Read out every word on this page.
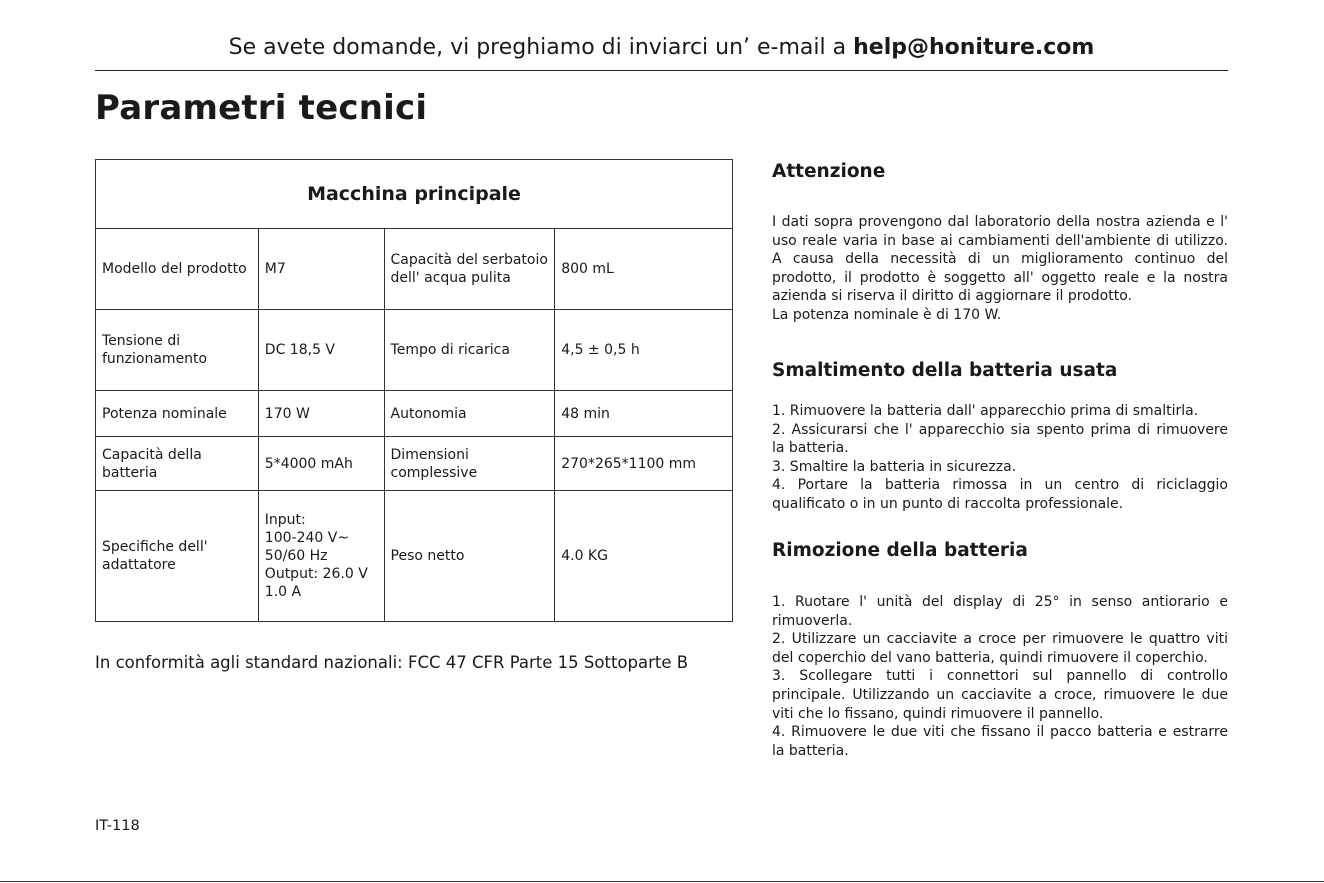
Se avete domande, vi preghiamo di inviarci un’ e-mail a help@honiture.com
Parametri tecnici
Macchina principale			
Modello del prodotto	M7	Capacità del serbatoio dell' acqua pulita	800 mL
Tensione di funzionamento	DC 18,5 V	Tempo di ricarica	4,5 ± 0,5 h
Potenza nominale	170 W	Autonomia	48 min
Capacità della batteria	5*4000 mAh	Dimensioni complessive	270*265*1100 mm
Specifiche dell' adattatore	Input:
100-240 V~
50/60 Hz
Output: 26.0 V
1.0 A	Peso netto	4.0 KG
In conformità agli standard nazionali: FCC 47 CFR Parte 15 Sottoparte B
Attenzione

I dati sopra provengono dal laboratorio della nostra azienda e l' uso reale varia in base ai cambiamenti dell'ambiente di utilizzo. A causa della necessità di un miglioramento continuo del prodotto, il prodotto è soggetto all' oggetto reale e la nostra azienda si riserva il diritto di aggiornare il prodotto.

La potenza nominale è di 170 W.

Smaltimento della batteria usata

1. Rimuovere la batteria dall' apparecchio prima di smaltirla.

2. Assicurarsi che l' apparecchio sia spento prima di rimuovere la batteria.

3. Smaltire la batteria in sicurezza.

4. Portare la batteria rimossa in un centro di riciclaggio qualificato o in un punto di raccolta professionale.

Rimozione della batteria

1. Ruotare l' unità del display di 25° in senso antiorario e rimuoverla.

2. Utilizzare un cacciavite a croce per rimuovere le quattro viti del coperchio del vano batteria, quindi rimuovere il coperchio.

3. Scollegare tutti i connettori sul pannello di controllo principale. Utilizzando un cacciavite a croce, rimuovere le due viti che lo fissano, quindi rimuovere il pannello.

4. Rimuovere le due viti che fissano il pacco batteria e estrarre la batteria.

IT-118
